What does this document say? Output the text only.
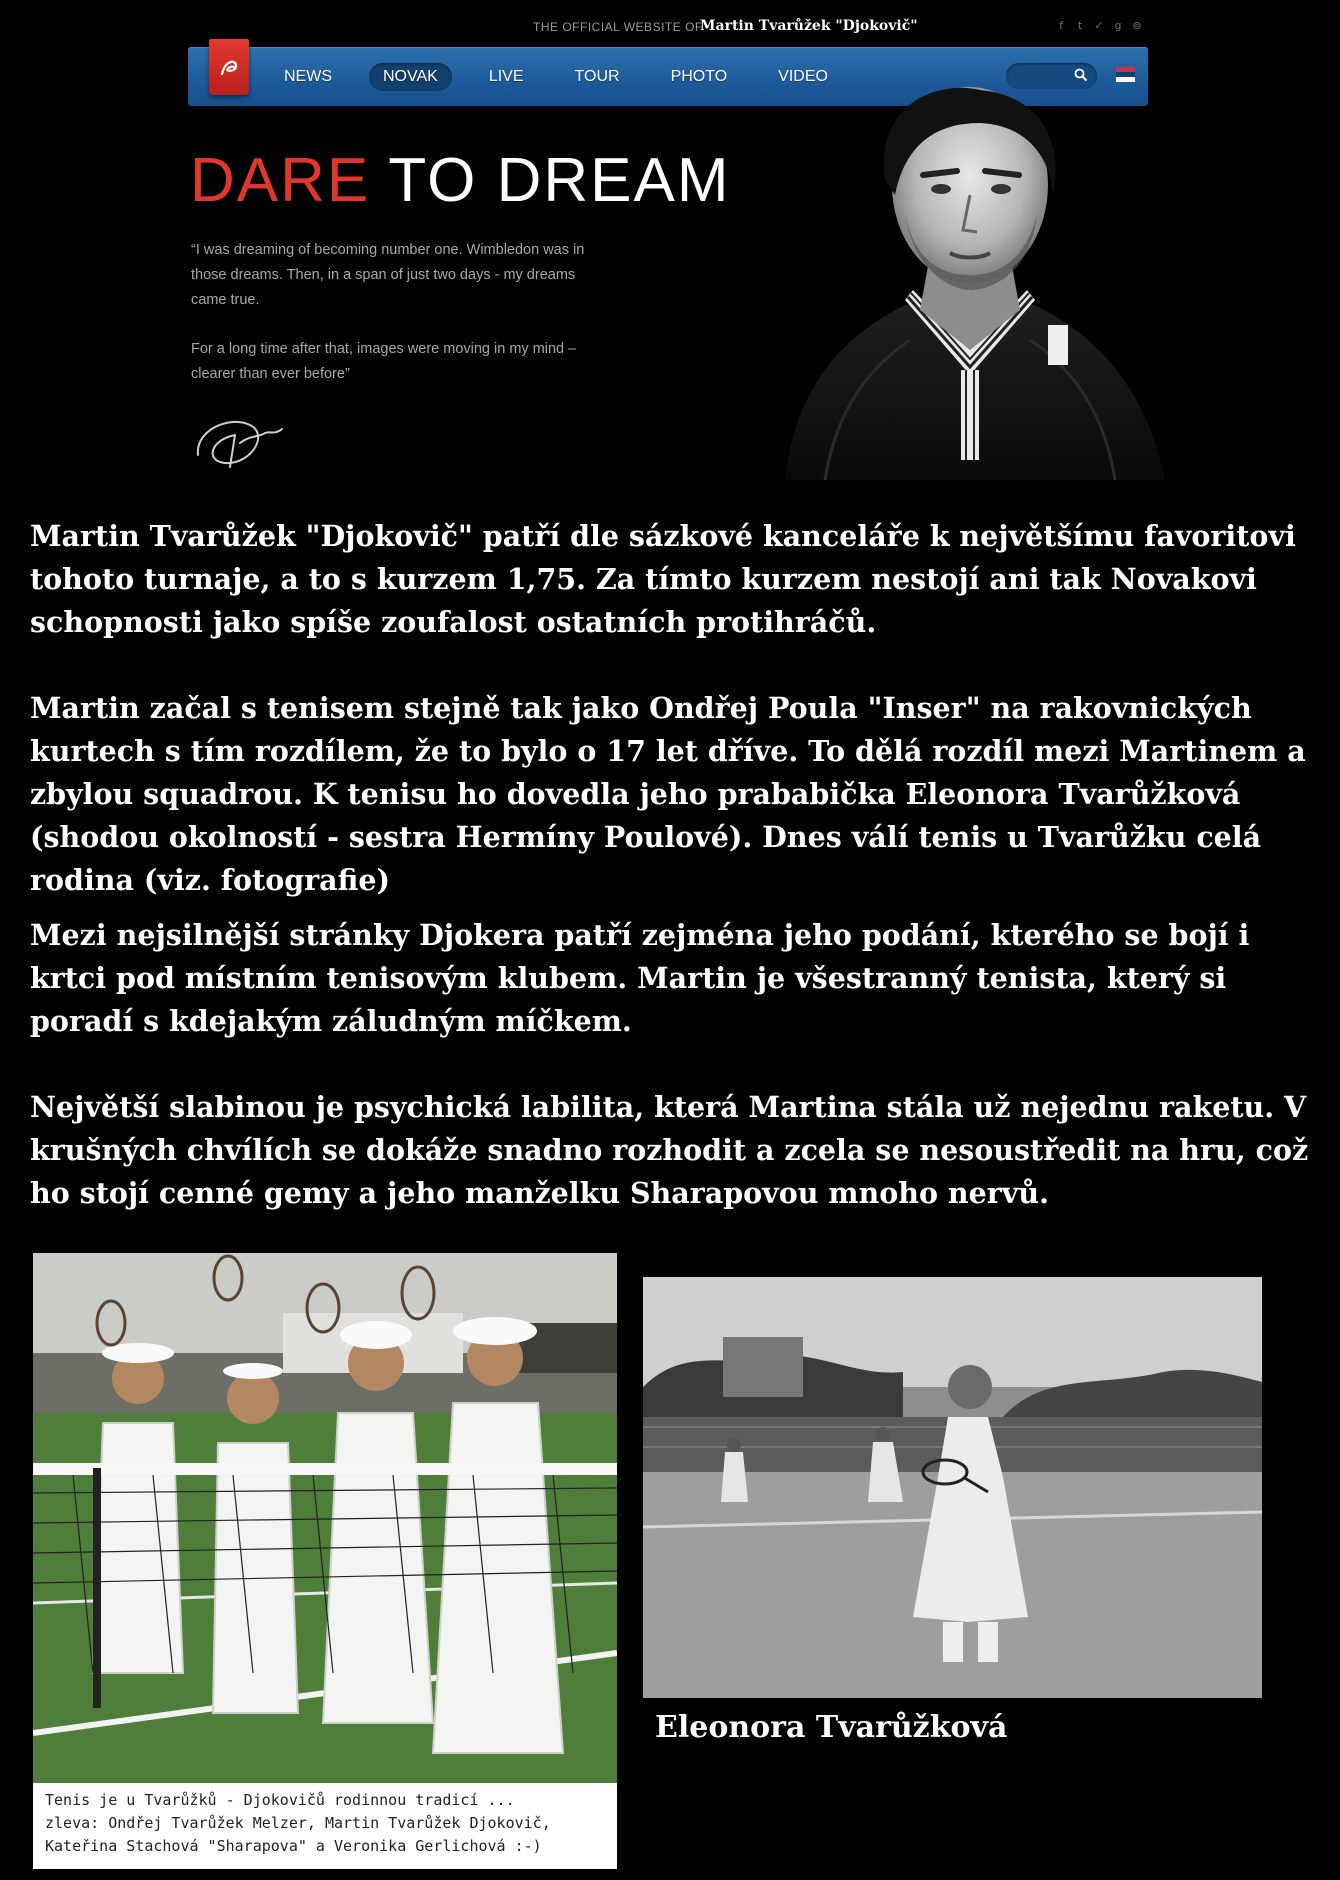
THE OFFICIAL WEBSITE OF
Martin Tvarůžek "Djokovič"	f	t	✓ g ⊚
NEWS	NOVAK	LIVE	TOUR	PHOTO	VIDEO
DARE TO DREAM

“I was dreaming of becoming number one. Wimbledon was in those dreams. Then, in a span of just two days - my dreams came true.

For a long time after that, images were moving in my mind – clearer than ever before”

Martin Tvarůžek "Djokovič" patří dle sázkové kanceláře k největšímu favoritovi tohoto turnaje, a to s kurzem 1,75. Za tímto kurzem nestojí ani tak Novakovi schopnosti jako spíše zoufalost ostatních protihráčů.

Martin začal s tenisem stejně tak jako Ondřej Poula "Inser" na rakovnických kurtech s tím rozdílem, že to bylo o 17 let dříve. To dělá rozdíl mezi Martinem a zbylou squadrou. K tenisu ho dovedla jeho prababička Eleonora Tvarůžková (shodou okolností - sestra Hermíny Poulové). Dnes válí tenis u Tvarůžku celá rodina (viz. fotografie)

Mezi nejsilnější stránky Djokera patří zejména jeho podání, kterého se bojí i krtci pod místním tenisovým klubem. Martin je všestranný tenista, který si poradí s kdejakým záludným míčkem.

Největší slabinou je psychická labilita, která Martina stála už nejednu raketu. V krušných chvílích se dokáže snadno rozhodit a zcela se nesoustředit na hru, což ho stojí cenné gemy a jeho manželku Sharapovou mnoho nervů.

Tenis je u Tvarůžků - Djokovičů rodinnou tradicí ...
zleva: Ondřej Tvarůžek Melzer, Martin Tvarůžek Djokovič,
Kateřina Stachová "Sharapova" a Veronika Gerlichová :-)
Eleonora Tvarůžková
